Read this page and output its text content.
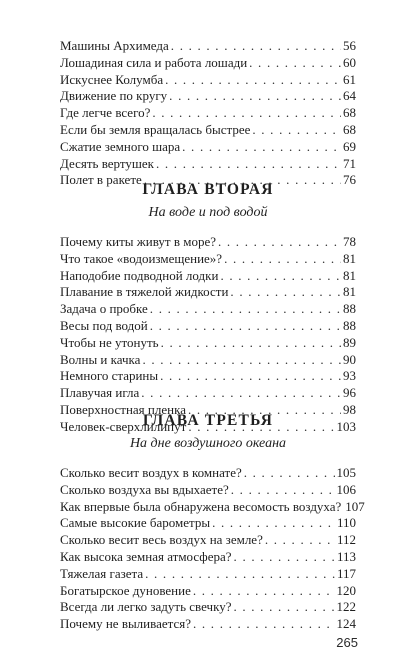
Машины Архимеда . . .	56
Лошадиная сила и работа лошади . . .	60
Искуснее Колумба . . .	61
Движение по кругу . . .	64
Где легче всего? . . .	68
Если бы земля вращалась быстрее . . .	68
Сжатие земного шара . . .	69
Десять вертушек . . .	71
Полет в ракете . . .	76
ГЛАВА ВТОРАЯ
На воде и под водой
Почему киты живут в море? . . .	78
Что такое «водоизмещение»? . . .	81
Наподобие подводной лодки . . .	81
Плавание в тяжелой жидкости . . .	81
Задача о пробке . . .	88
Весы под водой . . .	88
Чтобы не утонуть . . .	89
Волны и качка . . .	90
Немного старины . . .	93
Плавучая игла . . .	96
Поверхностная пленка . . .	98
Человек-сверхлилипут . . .	103
ГЛАВА ТРЕТЬЯ
На дне воздушного океана
Сколько весит воздух в комнате? . . .	105
Сколько воздуха вы вдыхаете? . . .	106
Как впервые была обнаружена весомость воздуха? 107
Самые высокие барометры . . .	110
Сколько весит весь воздух на земле? . . .	112
Как высока земная атмосфера? . . .	113
Тяжелая газета . . .	117
Богатырское дуновение . . .	120
Всегда ли легко задуть свечку? . . .	122
Почему не выливается? . . .	124
265
